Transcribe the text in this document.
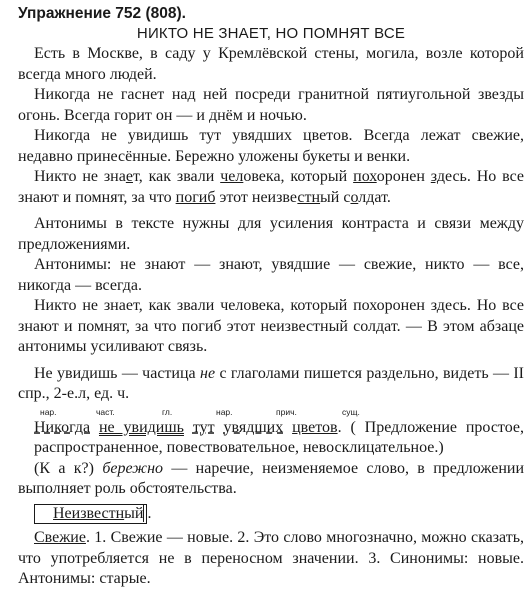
Упражнение 752 (808).
НИКТО НЕ ЗНАЕТ, НО ПОМНЯТ ВСЕ

Есть в Москве, в саду у Кремлёвской стены, могила, возле которой всегда много людей.

Никогда не гаснет над ней посреди гранитной пятиугольной звезды огонь. Всегда горит он — и днём и ночью.

Никогда не увидишь тут увядших цветов. Всегда лежат свежие, недавно принесённые. Бережно уложены букеты и венки.

Никто не знает, как звали человека, который похоронен здесь. Но все знают и помнят, за что погиб этот неизвестный солдат.

Антонимы в тексте нужны для усиления контраста и связи между предложениями.

Антонимы: не знают — знают, увядшие — свежие, никто — все, никогда — всегда.

Никто не знает, как звали человека, который похоронен здесь. Но все знают и помнят, за что погиб этот неизвестный солдат. — В этом абзаце антонимы усиливают связь.

Не увидишь — частица не с глаголами пишется раздельно, видеть — II спр., 2-е.л, ед. ч.

нар.	част.	гл.	нар.	прич.	сущ.
Никогда не увидишь тут увядших цветов. ( Предложение простое, распространенное, повествовательное, невосклицательное.)

(К а к?) бережно — наречие, неизменяемое слово, в предложении выполняет роль обстоятельства.

Неизвестный .

Свежие. 1. Свежие — новые. 2. Это слово многозначно, можно сказать, что употребляется не в переносном значении. 3. Синонимы: новые. Антонимы: старые.
